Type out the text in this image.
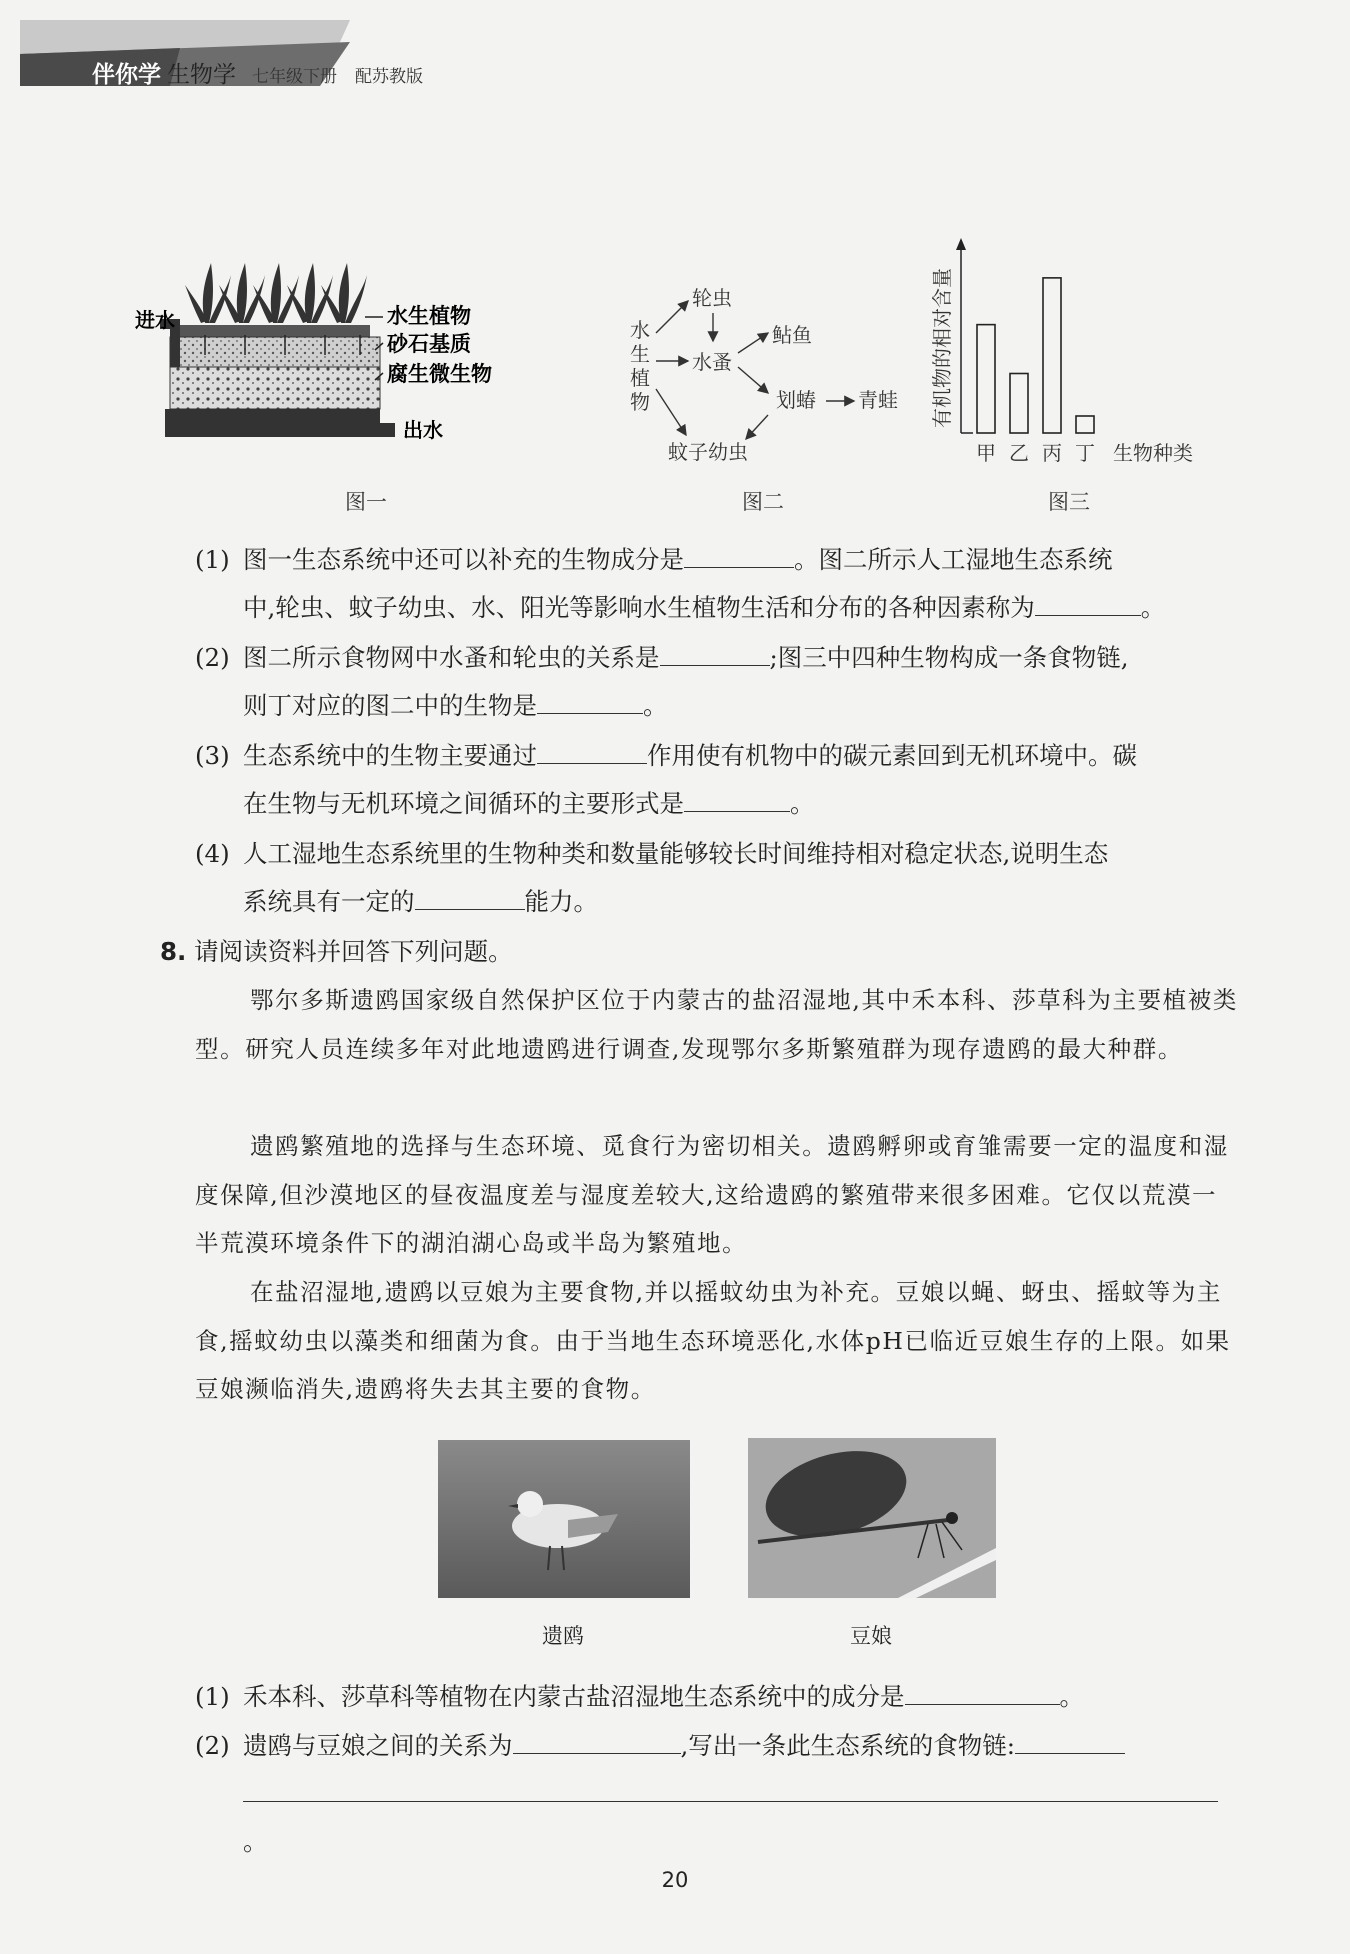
伴你学 生物学 七年级下册 配苏教版
进水
出水
水生植物
砂石基质
腐生微生物
图一
水
生
植
物
轮虫
水蚤
鲇鱼
划蝽 青蛙
蚊子幼虫
图二
有机物的相对含量
甲 乙 丙 丁 生物种类
图三
(1) 图一生态系统中还可以补充的生物成分是	。图二所示人工湿地生态系统
中,轮虫、蚊子幼虫、水、阳光等影响水生植物生活和分布的各种因素称为	。
(2) 图二所示食物网中水蚤和轮虫的关系是	;图三中四种生物构成一条食物链,
则丁对应的图二中的生物是	。
(3) 生态系统中的生物主要通过	作用使有机物中的碳元素回到无机环境中。碳
在生物与无机环境之间循环的主要形式是	。
(4) 人工湿地生态系统里的生物种类和数量能够较长时间维持相对稳定状态,说明生态
系统具有一定的	能力。
8. 请阅读资料并回答下列问题。
鄂尔多斯遗鸥国家级自然保护区位于内蒙古的盐沼湿地,其中禾本科、莎草科为主要植被类型。研究人员连续多年对此地遗鸥进行调查,发现鄂尔多斯繁殖群为现存遗鸥的最大种群。
遗鸥繁殖地的选择与生态环境、觅食行为密切相关。遗鸥孵卵或育雏需要一定的温度和湿度保障,但沙漠地区的昼夜温度差与湿度差较大,这给遗鸥的繁殖带来很多困难。它仅以荒漠一半荒漠环境条件下的湖泊湖心岛或半岛为繁殖地。
在盐沼湿地,遗鸥以豆娘为主要食物,并以摇蚊幼虫为补充。豆娘以蝇、蚜虫、摇蚊等为主食,摇蚊幼虫以藻类和细菌为食。由于当地生态环境恶化,水体pH已临近豆娘生存的上限。如果豆娘濒临消失,遗鸥将失去其主要的食物。
遗鸥	豆娘
(1) 禾本科、莎草科等植物在内蒙古盐沼湿地生态系统中的成分是	。
(2) 遗鸥与豆娘之间的关系为	,写出一条此生态系统的食物链:
。
20
